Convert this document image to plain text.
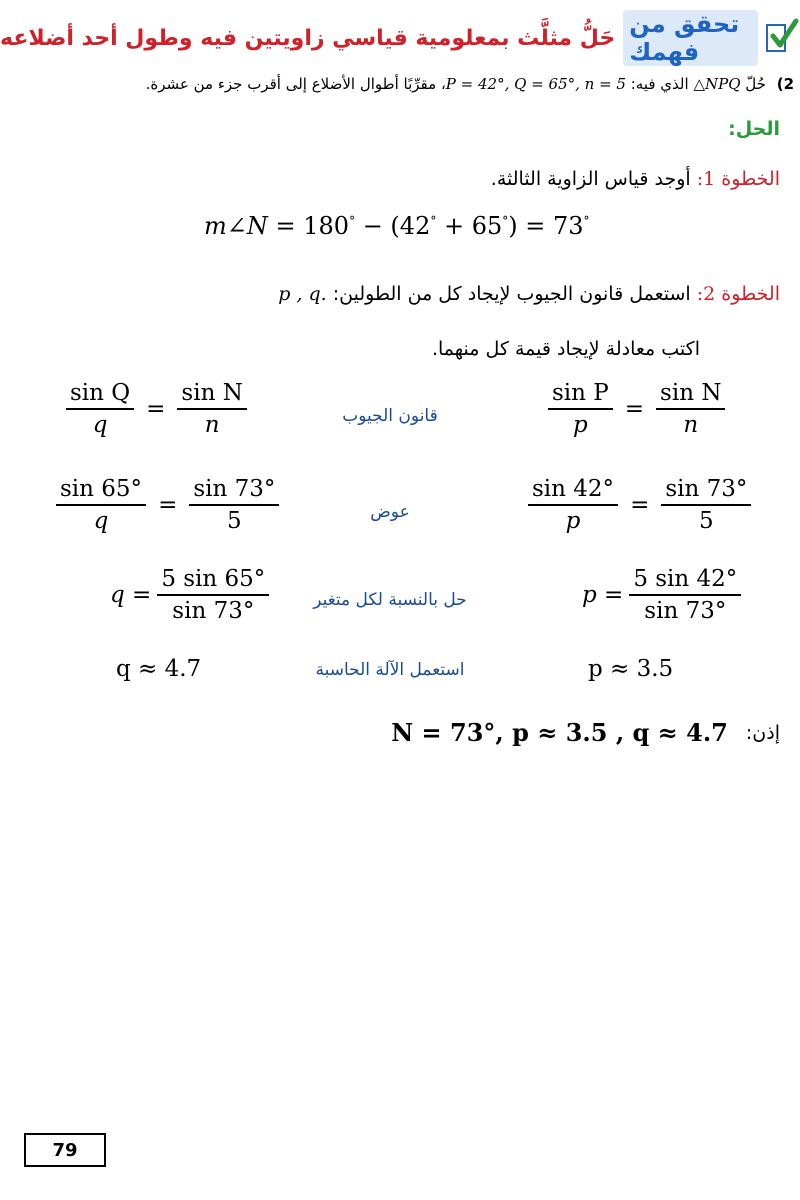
تحقق من فهمك
حَلُّ مثلَّث بمعلومية قياسي زاويتين فيه وطول أحد أضلاعه
2) حُلّ △NPQ الذي فيه: P = 42°, Q = 65°, n = 5، مقرِّبًا أطوال الأضلاع إلى أقرب جزء من عشرة.
الحل:
الخطوة 1: أوجد قياس الزاوية الثالثة.
m∠N = 180° − (42° + 65°) = 73°
الخطوة 2: استعمل قانون الجيوب لإيجاد كل من الطولين: p , q.
اكتب معادلة لإيجاد قيمة كل منهما.
$\frac{\text{sin Q}}{q} = \frac{\text{sin N}}{n}$	قانون الجيوب	$\frac{\text{sin P}}{p} = \frac{\text{sin N}}{n}$
$\frac{\sin 65^\circ}{q} = \frac{\sin 73^\circ}{5}$	عوض	$\frac{\sin 42^\circ}{p} = \frac{\sin 73^\circ}{5}$
$q = \frac{5 \sin 65^\circ}{\sin 73^\circ}$	حل بالنسبة لكل متغير	$p = \frac{5 \sin 42^\circ}{\sin 73^\circ}$
q ≈ 4.7	استعمل الآلة الحاسبة	p ≈ 3.5
إذن:
N = 73°, p ≈ 3.5 , q ≈ 4.7
79
